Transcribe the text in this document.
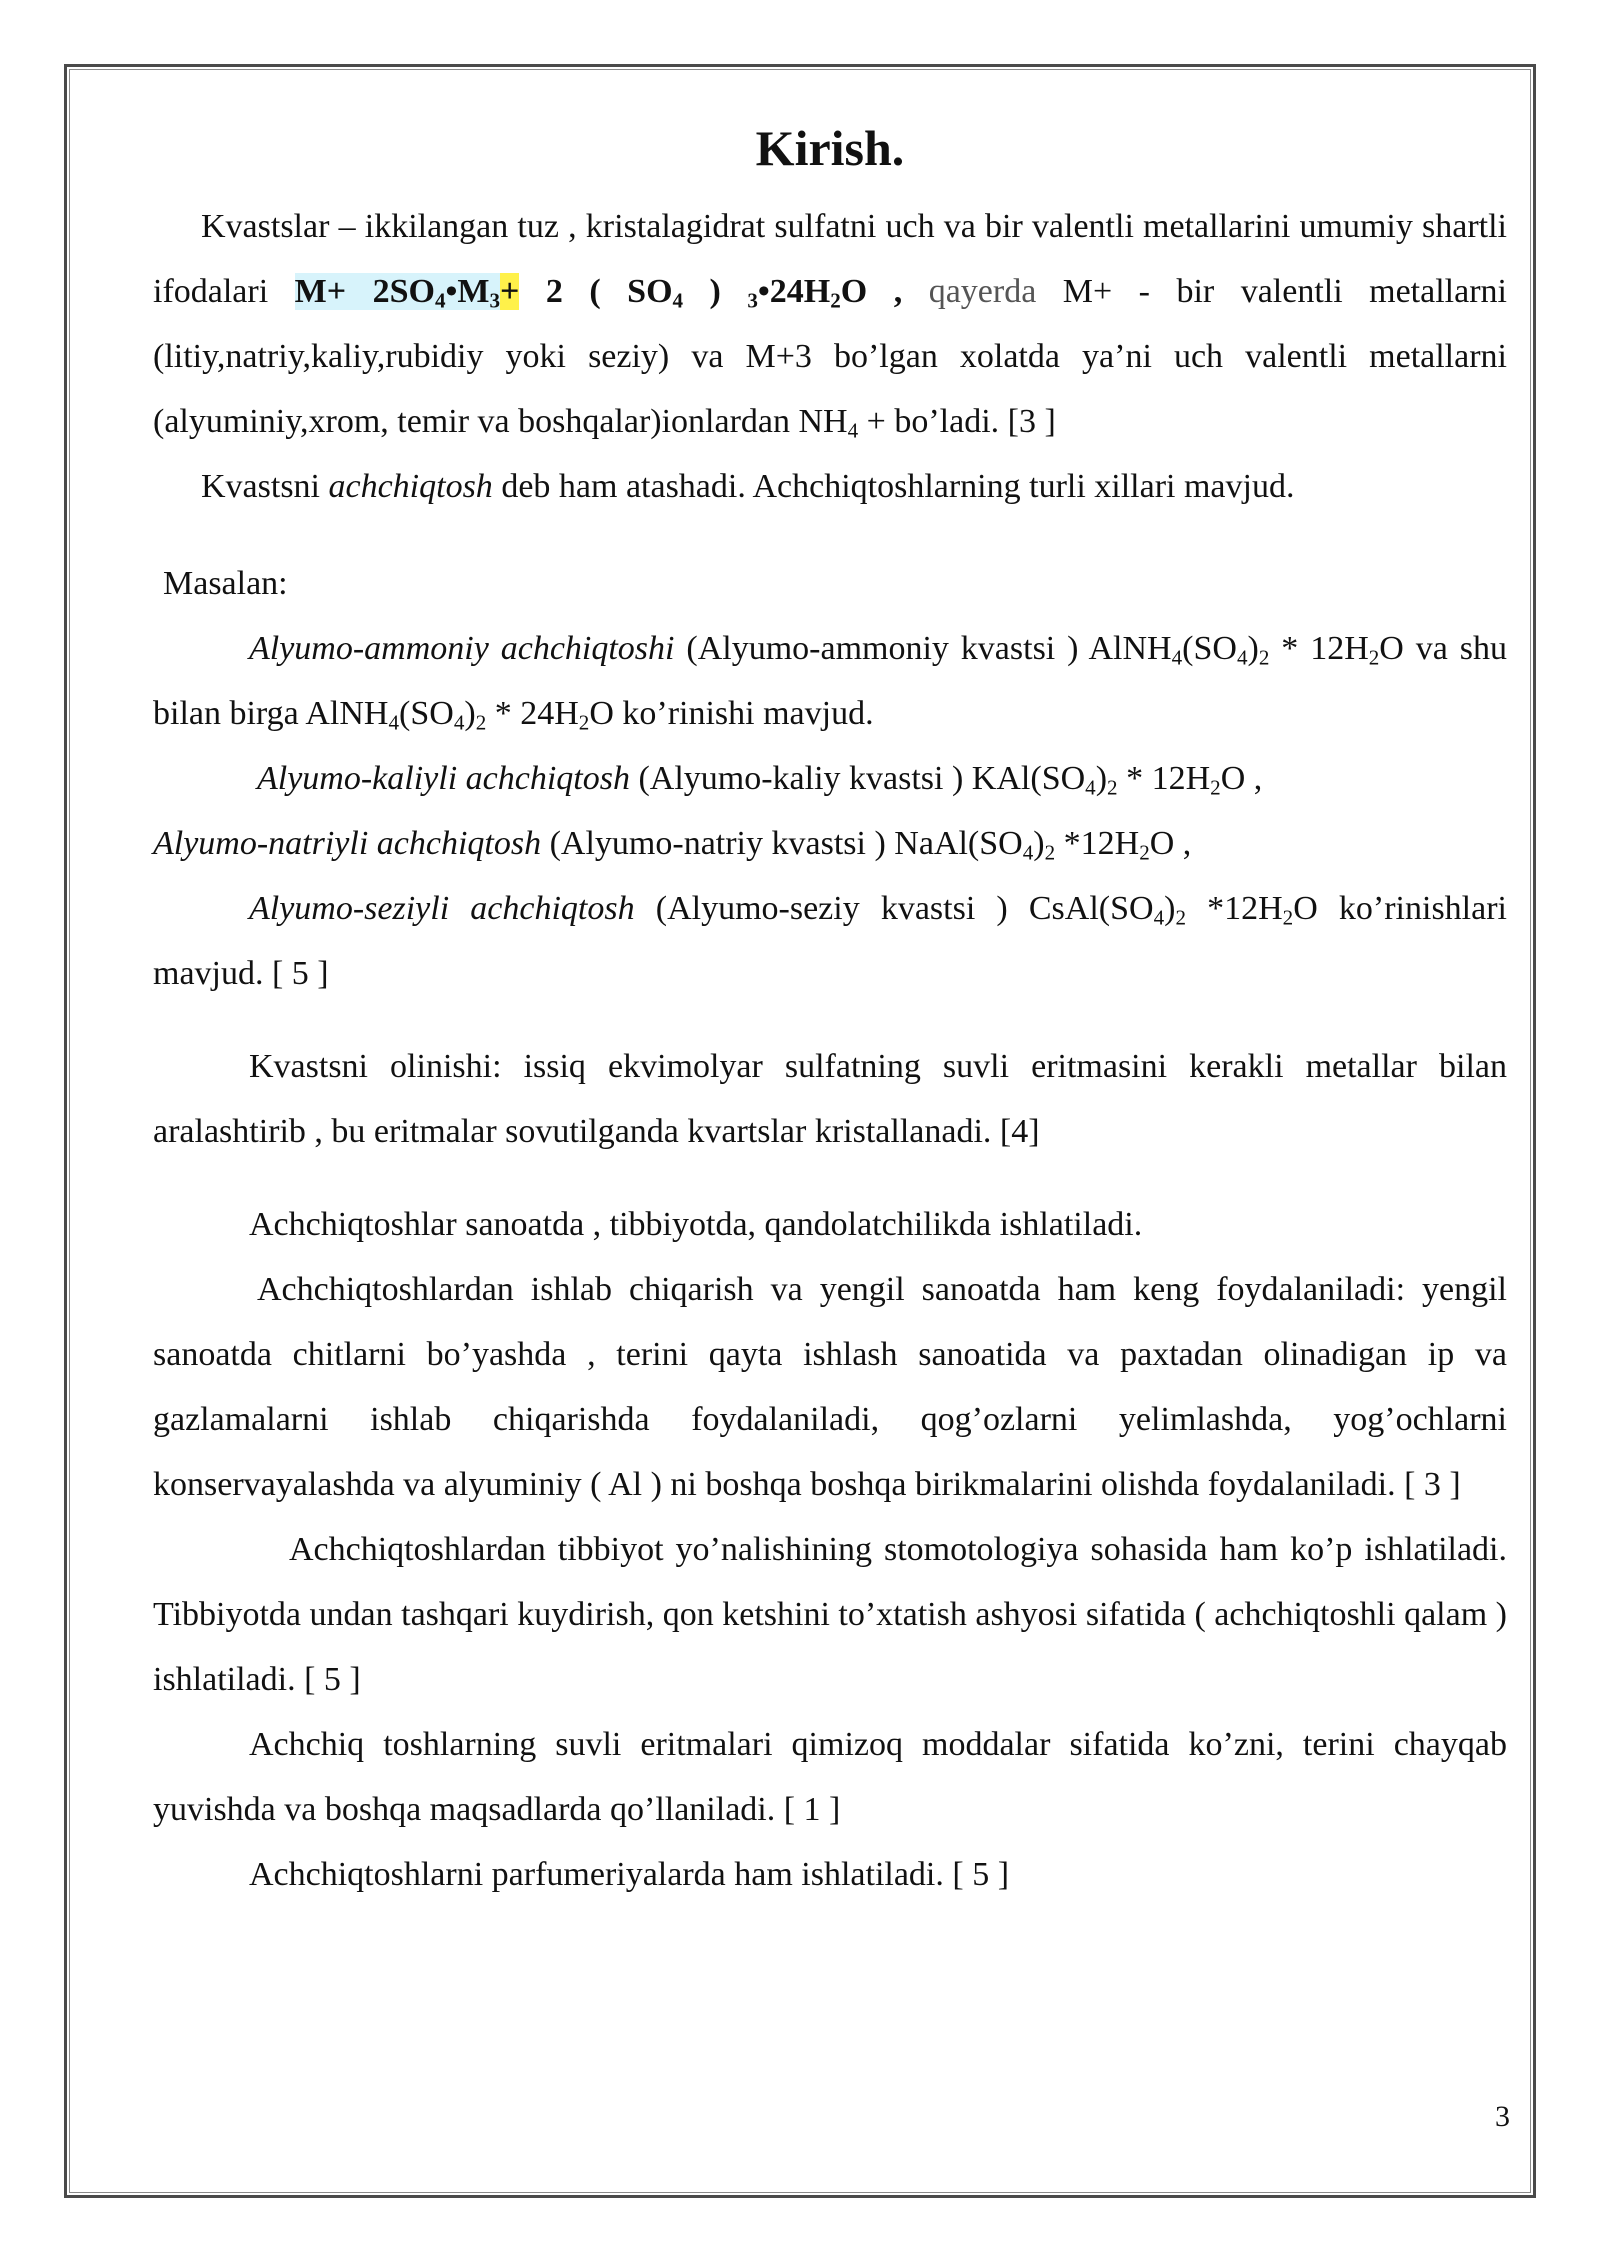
Kirish.

Kvastslar – ikkilangan tuz , kristalagidrat sulfatni uch va bir valentli metallarini umumiy shartli ifodalari $M+ 2SO_4•M_3+ 2$ ( $SO_4$ ) $_3•24H_2O$ , qayerda M+ - bir valentli metallarni (litiy,natriy,kaliy,rubidiy yoki seziy) va M+3 bo’lgan xolatda ya’ni uch valentli metallarni (alyuminiy,xrom, temir va boshqalar)ionlardan $NH_4$ + bo’ladi. [3 ]

Kvastsni achchiqtosh deb ham atashadi. Achchiqtoshlarning turli xillari mavjud.

Masalan:

Alyumo-ammoniy achchiqtoshi (Alyumo-ammoniy kvastsi ) $AlNH_4(SO_4)_2 * 12H_2O$ va shu bilan birga $AlNH_4(SO_4)_2 * 24H_2O$ ko’rinishi mavjud.

Alyumo-kaliyli achchiqtosh (Alyumo-kaliy kvastsi ) $KAl(SO_4)_2 * 12H_2O$ ,

Alyumo-natriyli achchiqtosh (Alyumo-natriy kvastsi ) $NaAl(SO_4)_2$ $*12H_2O$ ,

Alyumo-seziyli achchiqtosh (Alyumo-seziy kvastsi ) $CsAl(SO_4)_2$ $*12H_2O$ ko’rinishlari mavjud. [ 5 ]

Kvastsni olinishi: issiq ekvimolyar sulfatning suvli eritmasini kerakli metallar bilan aralashtirib , bu eritmalar sovutilganda kvartslar kristallanadi. [4]

Achchiqtoshlar sanoatda , tibbiyotda, qandolatchilikda ishlatiladi.

Achchiqtoshlardan ishlab chiqarish va yengil sanoatda ham keng foydalaniladi: yengil sanoatda chitlarni bo’yashda , terini qayta ishlash sanoatida va paxtadan olinadigan ip va gazlamalarni ishlab chiqarishda foydalaniladi, qog’ozlarni yelimlashda, yog’ochlarni konservayalashda va alyuminiy ( Al ) ni boshqa boshqa birikmalarini olishda foydalaniladi. [ 3 ]

Achchiqtoshlardan tibbiyot yo’nalishining stomotologiya sohasida ham ko’p ishlatiladi. Tibbiyotda undan tashqari kuydirish, qon ketshini to’xtatish ashyosi sifatida ( achchiqtoshli qalam ) ishlatiladi. [ 5 ]

Achchiq toshlarning suvli eritmalari qimizoq moddalar sifatida ko’zni, terini chayqab yuvishda va boshqa maqsadlarda qo’llaniladi. [ 1 ]

Achchiqtoshlarni parfumeriyalarda ham ishlatiladi. [ 5 ]

3
